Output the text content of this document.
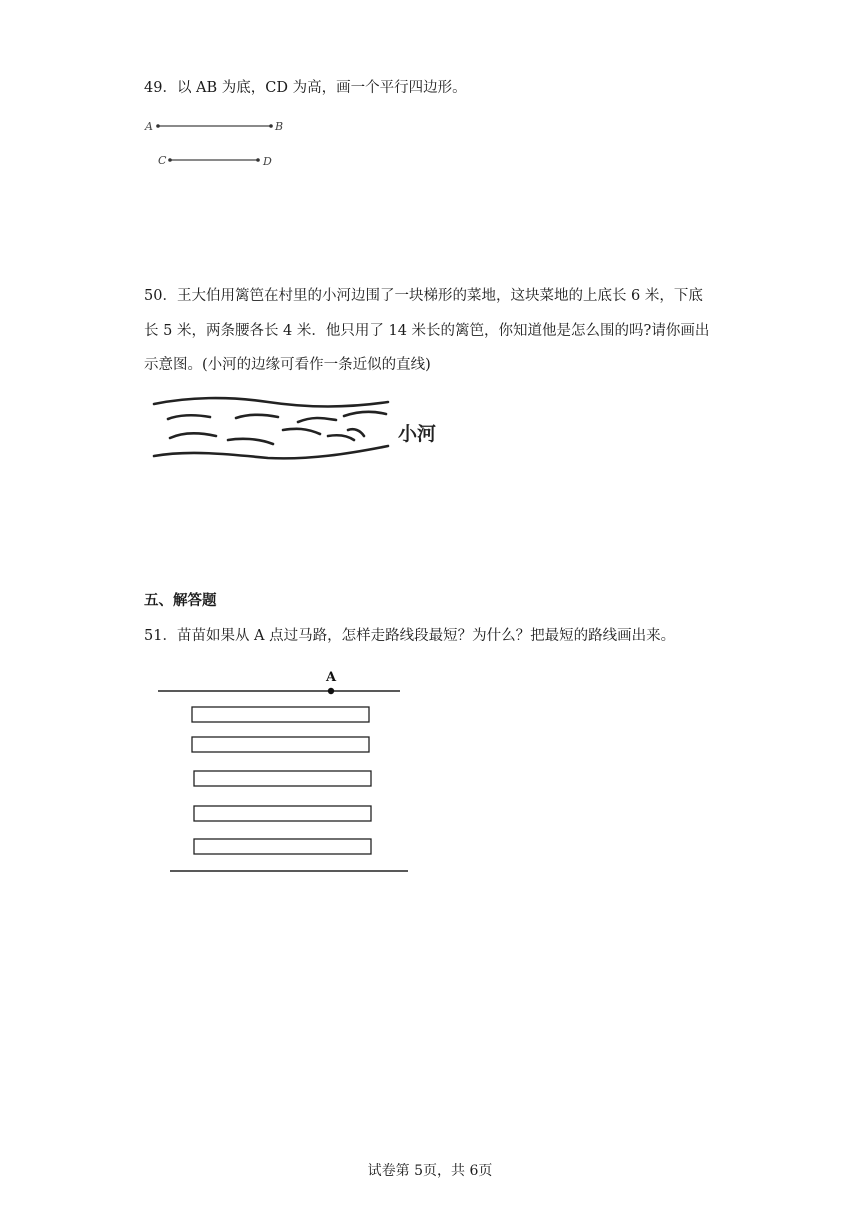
49．以 AB 为底，CD 为高，画一个平行四边形。

A	B
C	D

50．王大伯用篱笆在村里的小河边围了一块梯形的菜地，这块菜地的上底长 6 米，下底

长 5 米，两条腰各长 4 米．他只用了 14 米长的篱笆，你知道他是怎么围的吗?请你画出

示意图。(小河的边缘可看作一条近似的直线)

小河

五、解答题

51．苗苗如果从 A 点过马路，怎样走路线段最短？为什么？把最短的路线画出来。

A
试卷第 5页，共 6页
